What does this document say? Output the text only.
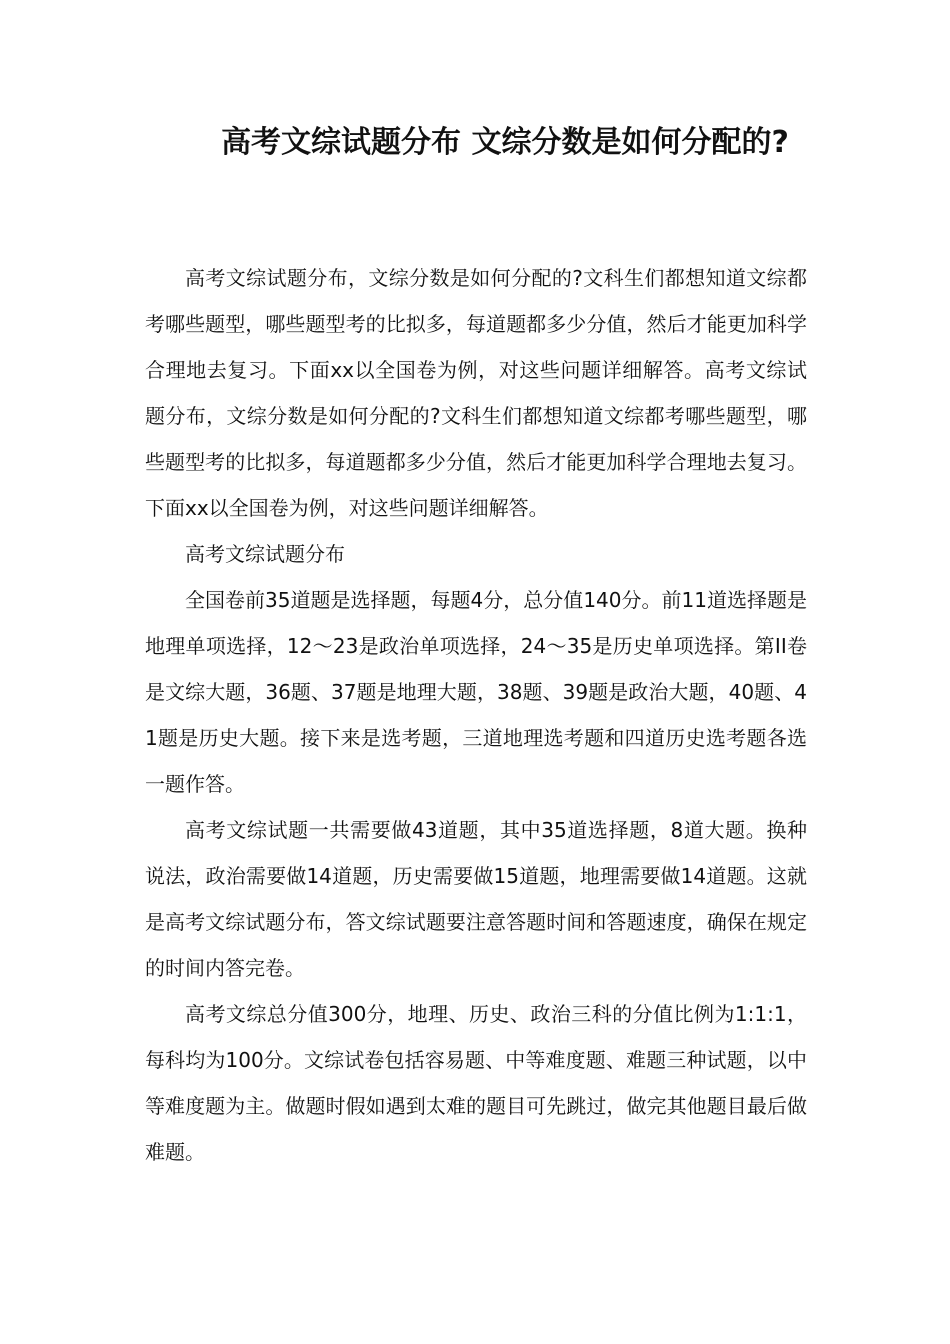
高考文综试题分布 文综分数是如何分配的?

高考文综试题分布，文综分数是如何分配的?文科生们都想知道文综都考哪些题型，哪些题型考的比拟多，每道题都多少分值，然后才能更加科学合理地去复习。下面xx以全国卷为例，对这些问题详细解答。高考文综试题分布，文综分数是如何分配的?文科生们都想知道文综都考哪些题型，哪些题型考的比拟多，每道题都多少分值，然后才能更加科学合理地去复习。下面xx以全国卷为例，对这些问题详细解答。

高考文综试题分布

全国卷前35道题是选择题，每题4分，总分值140分。前11道选择题是地理单项选择，12～23是政治单项选择，24～35是历史单项选择。第II卷是文综大题，36题、37题是地理大题，38题、39题是政治大题，40题、41题是历史大题。接下来是选考题，三道地理选考题和四道历史选考题各选一题作答。

高考文综试题一共需要做43道题，其中35道选择题，8道大题。换种说法，政治需要做14道题，历史需要做15道题，地理需要做14道题。这就是高考文综试题分布，答文综试题要注意答题时间和答题速度，确保在规定的时间内答完卷。

高考文综总分值300分，地理、历史、政治三科的分值比例为1:1:1，每科均为100分。文综试卷包括容易题、中等难度题、难题三种试题，以中等难度题为主。做题时假如遇到太难的题目可先跳过，做完其他题目最后做难题。
